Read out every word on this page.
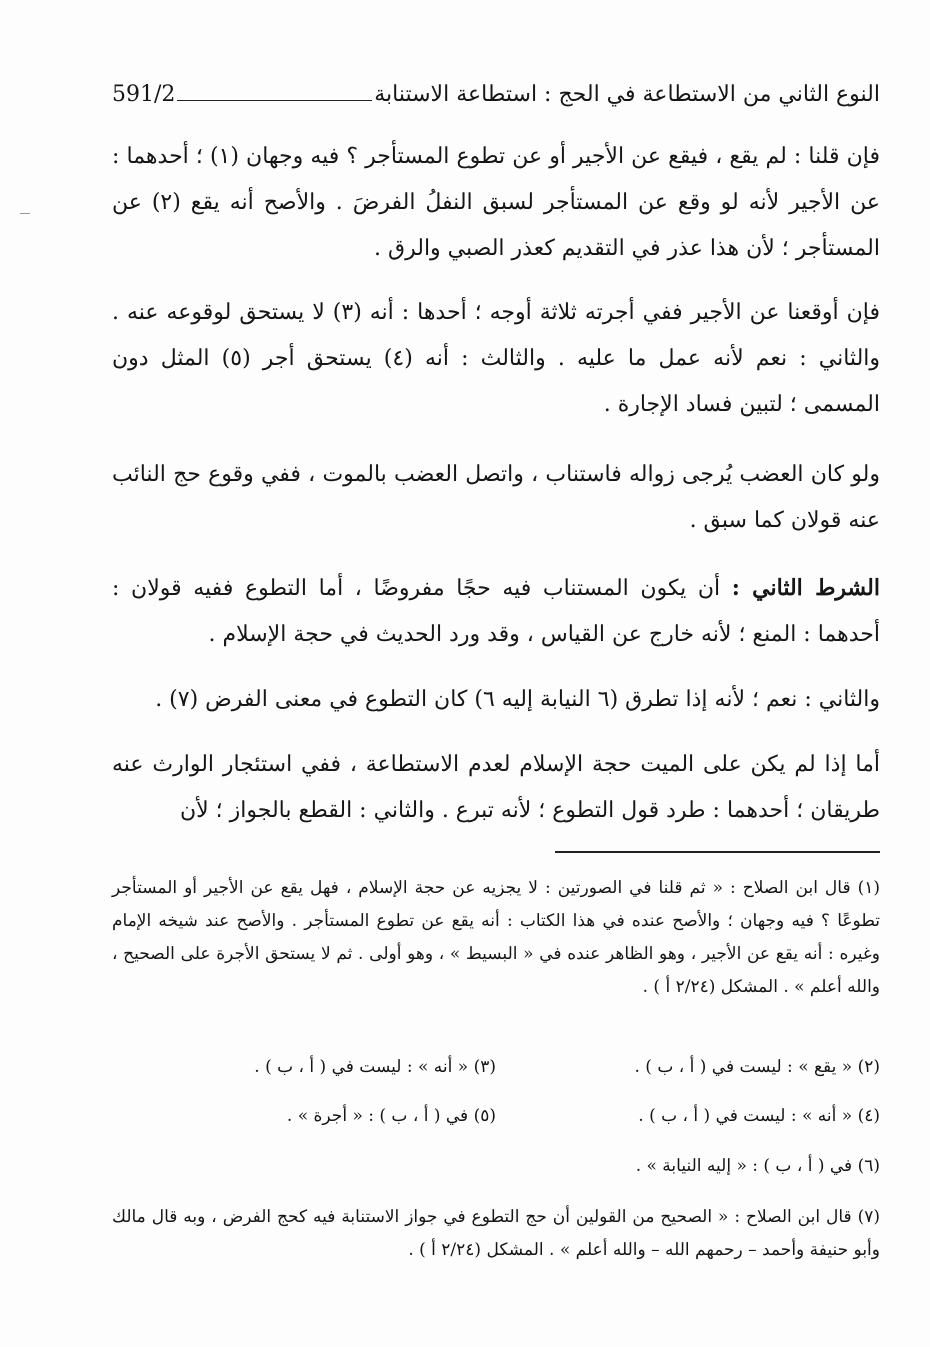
النوع الثاني من الاستطاعة في الحج : استطاعة الاستنابة
591/2

فإن قلنا : لم يقع ، فيقع عن الأجير أو عن تطوع المستأجر ؟ فيه وجهان (١) ؛ أحدهما : عن الأجير لأنه لو وقع عن المستأجر لسبق النفلُ الفرضَ . والأصح أنه يقع (٢) عن المستأجر ؛ لأن هذا عذر في التقديم كعذر الصبي والرق .

فإن أوقعنا عن الأجير ففي أجرته ثلاثة أوجه ؛ أحدها : أنه (٣) لا يستحق لوقوعه عنه . والثاني : نعم لأنه عمل ما عليه . والثالث : أنه (٤) يستحق أجر (٥) المثل دون المسمى ؛ لتبين فساد الإجارة .

ولو كان العضب يُرجى زواله فاستناب ، واتصل العضب بالموت ، ففي وقوع حج النائب عنه قولان كما سبق .

الشرط الثاني : أن يكون المستناب فيه حجًا مفروضًا ، أما التطوع ففيه قولان : أحدهما : المنع ؛ لأنه خارج عن القياس ، وقد ورد الحديث في حجة الإسلام .

والثاني : نعم ؛ لأنه إذا تطرق (٦ النيابة إليه ٦) كان التطوع في معنى الفرض (٧) .

أما إذا لم يكن على الميت حجة الإسلام لعدم الاستطاعة ، ففي استئجار الوارث عنه طريقان ؛ أحدهما : طرد قول التطوع ؛ لأنه تبرع . والثاني : القطع بالجواز ؛ لأن

(١) قال ابن الصلاح : « ثم قلنا في الصورتين : لا يجزيه عن حجة الإسلام ، فهل يقع عن الأجير أو المستأجر تطوعًا ؟ فيه وجهان ؛ والأصح عنده في هذا الكتاب : أنه يقع عن تطوع المستأجر . والأصح عند شيخه الإمام وغيره : أنه يقع عن الأجير ، وهو الظاهر عنده في « البسيط » ، وهو أولى . ثم لا يستحق الأجرة على الصحيح ، والله أعلم » . المشكل (٢/٢٤ أ ) .

(٢) « يقع » : ليست في ( أ ، ب ) .
(٣) « أنه » : ليست في ( أ ، ب ) .
(٤) « أنه » : ليست في ( أ ، ب ) .
(٥) في ( أ ، ب ) : « أجرة » .
(٦) في ( أ ، ب ) : « إليه النيابة » .

(٧) قال ابن الصلاح : « الصحيح من القولين أن حج التطوع في جواز الاستنابة فيه كحج الفرض ، وبه قال مالك وأبو حنيفة وأحمد – رحمهم الله – والله أعلم » . المشكل (٢/٢٤ أ ) .
